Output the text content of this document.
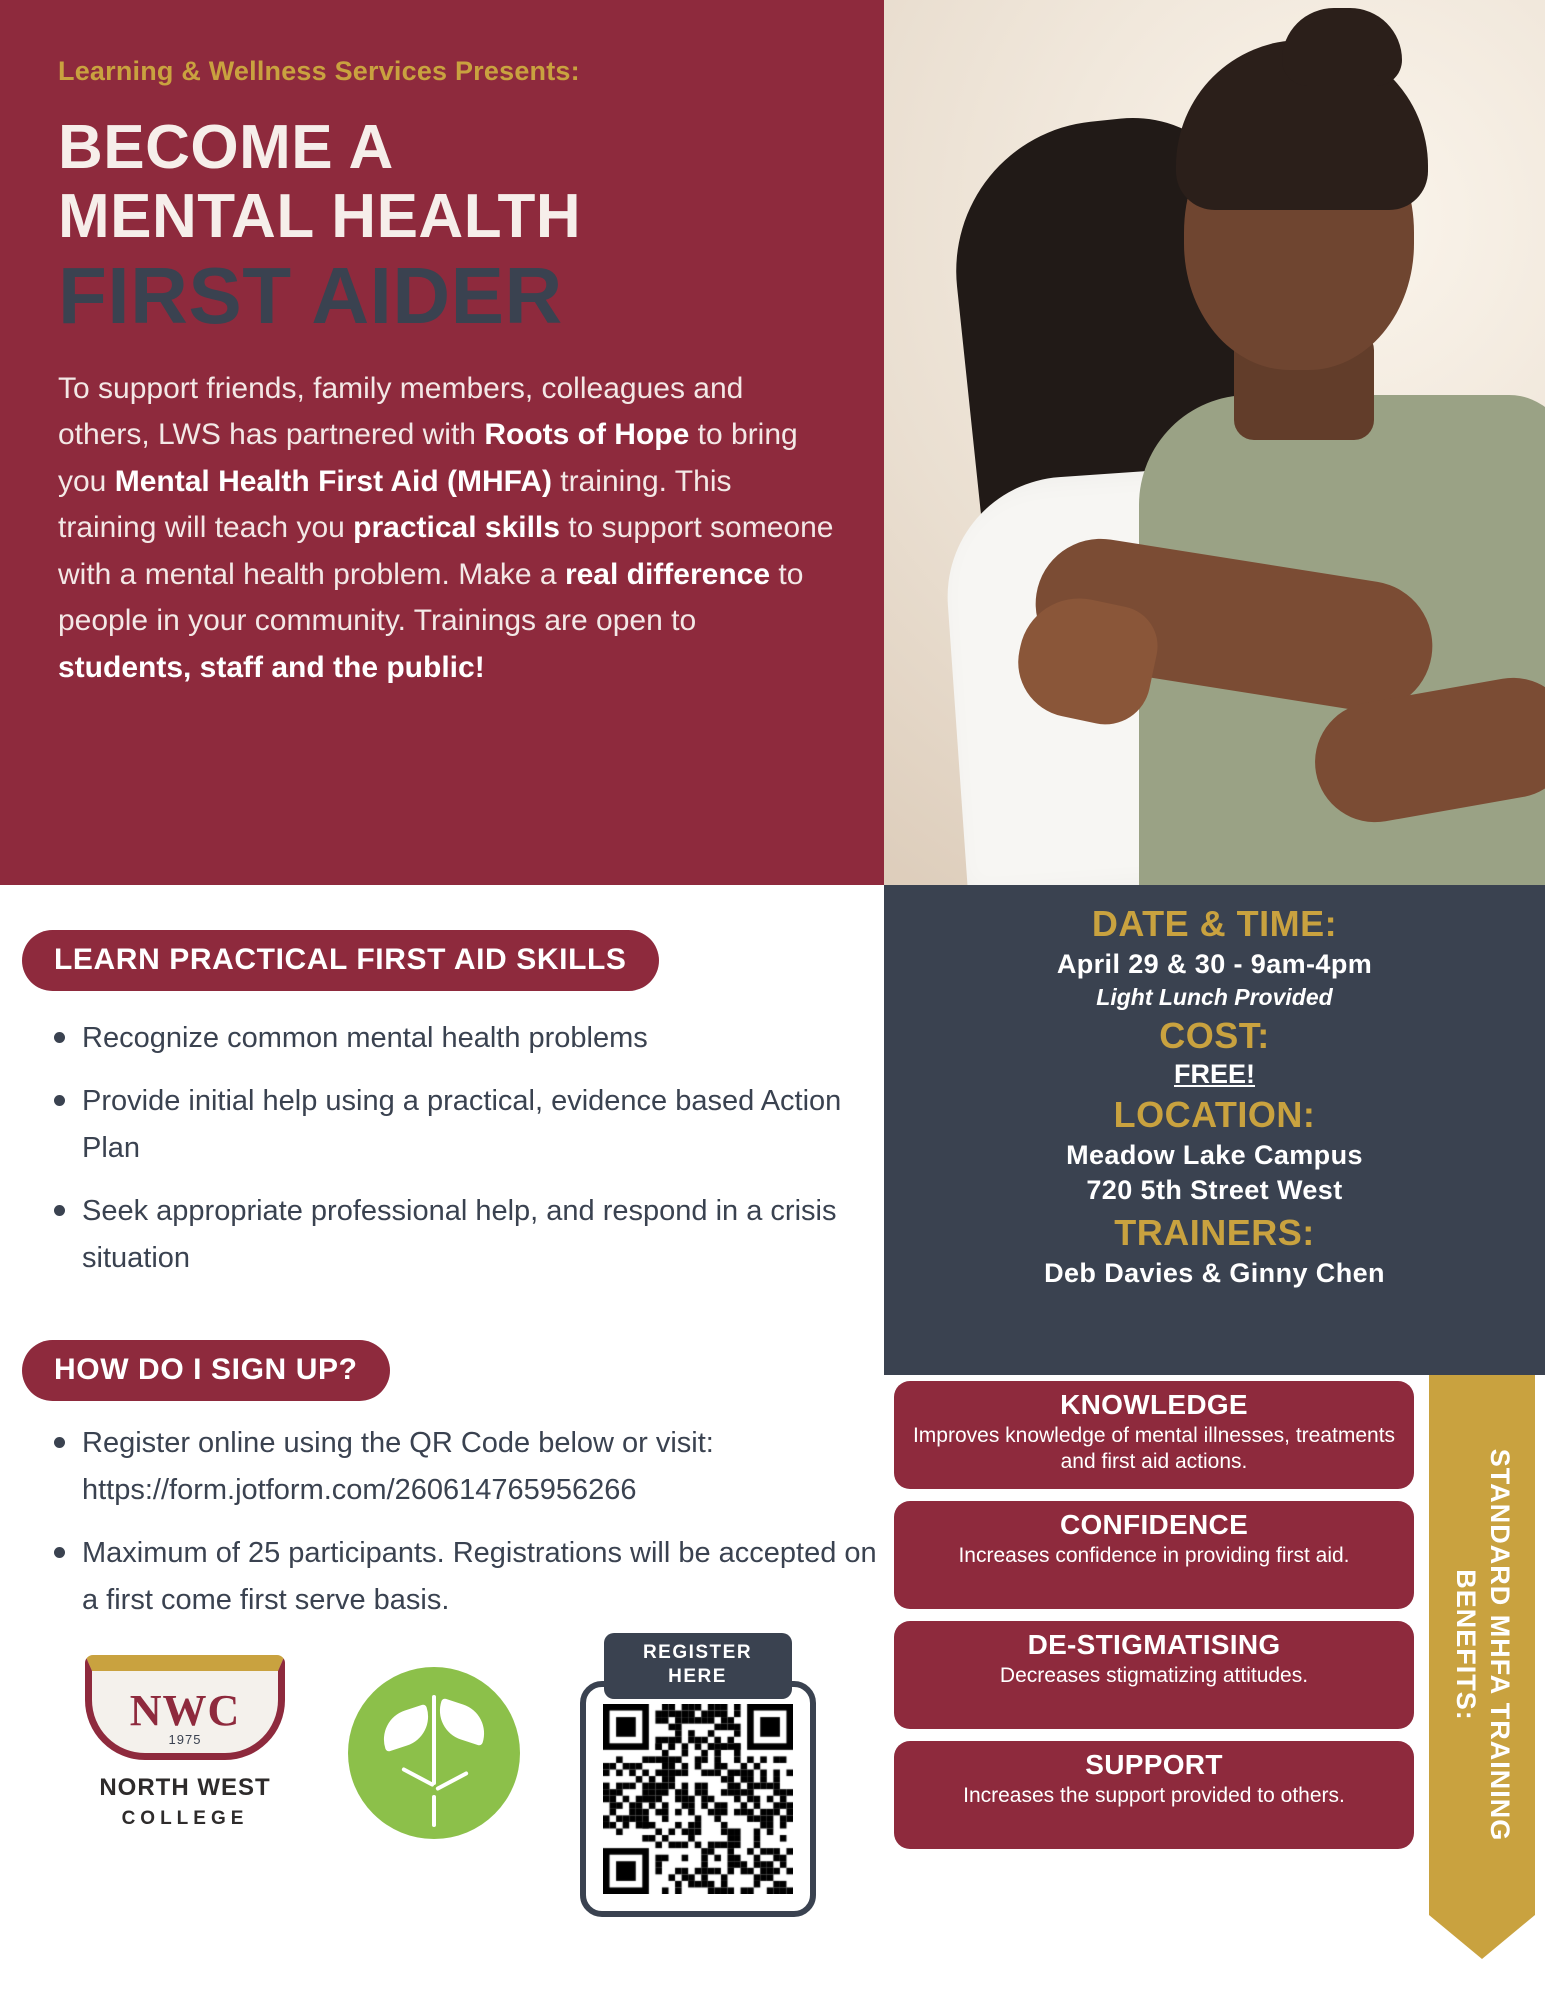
Learning & Wellness Services Presents:
BECOME A
MENTAL HEALTH
FIRST AIDER
To support friends, family members, colleagues and others, LWS has partnered with Roots of Hope to bring you Mental Health First Aid (MHFA) training. This training will teach you practical skills to support someone with a mental health problem. Make a real difference to people in your community. Trainings are open to students, staff and the public!
LEARN PRACTICAL FIRST AID SKILLS
Recognize common mental health problems
Provide initial help using a practical, evidence based Action Plan
Seek appropriate professional help, and respond in a crisis situation
HOW DO I SIGN UP?
Register online using the QR Code below or visit: https://form.jotform.com/260614765956266
Maximum of 25 participants. Registrations will be accepted on a first come first serve basis.
NWC
1975
NORTH WEST
COLLEGE
REGISTER
HERE
DATE & TIME:
April 29 & 30 - 9am-4pm
Light Lunch Provided
COST:
FREE!
LOCATION:
Meadow Lake Campus
720 5th Street West
TRAINERS:
Deb Davies & Ginny Chen
KNOWLEDGE
Improves knowledge of mental illnesses, treatments and first aid actions.
CONFIDENCE
Increases confidence in providing first aid.
DE-STIGMATISING
Decreases stigmatizing attitudes.
SUPPORT
Increases the support provided to others.	STANDARD MHFA TRAINING BENEFITS:
